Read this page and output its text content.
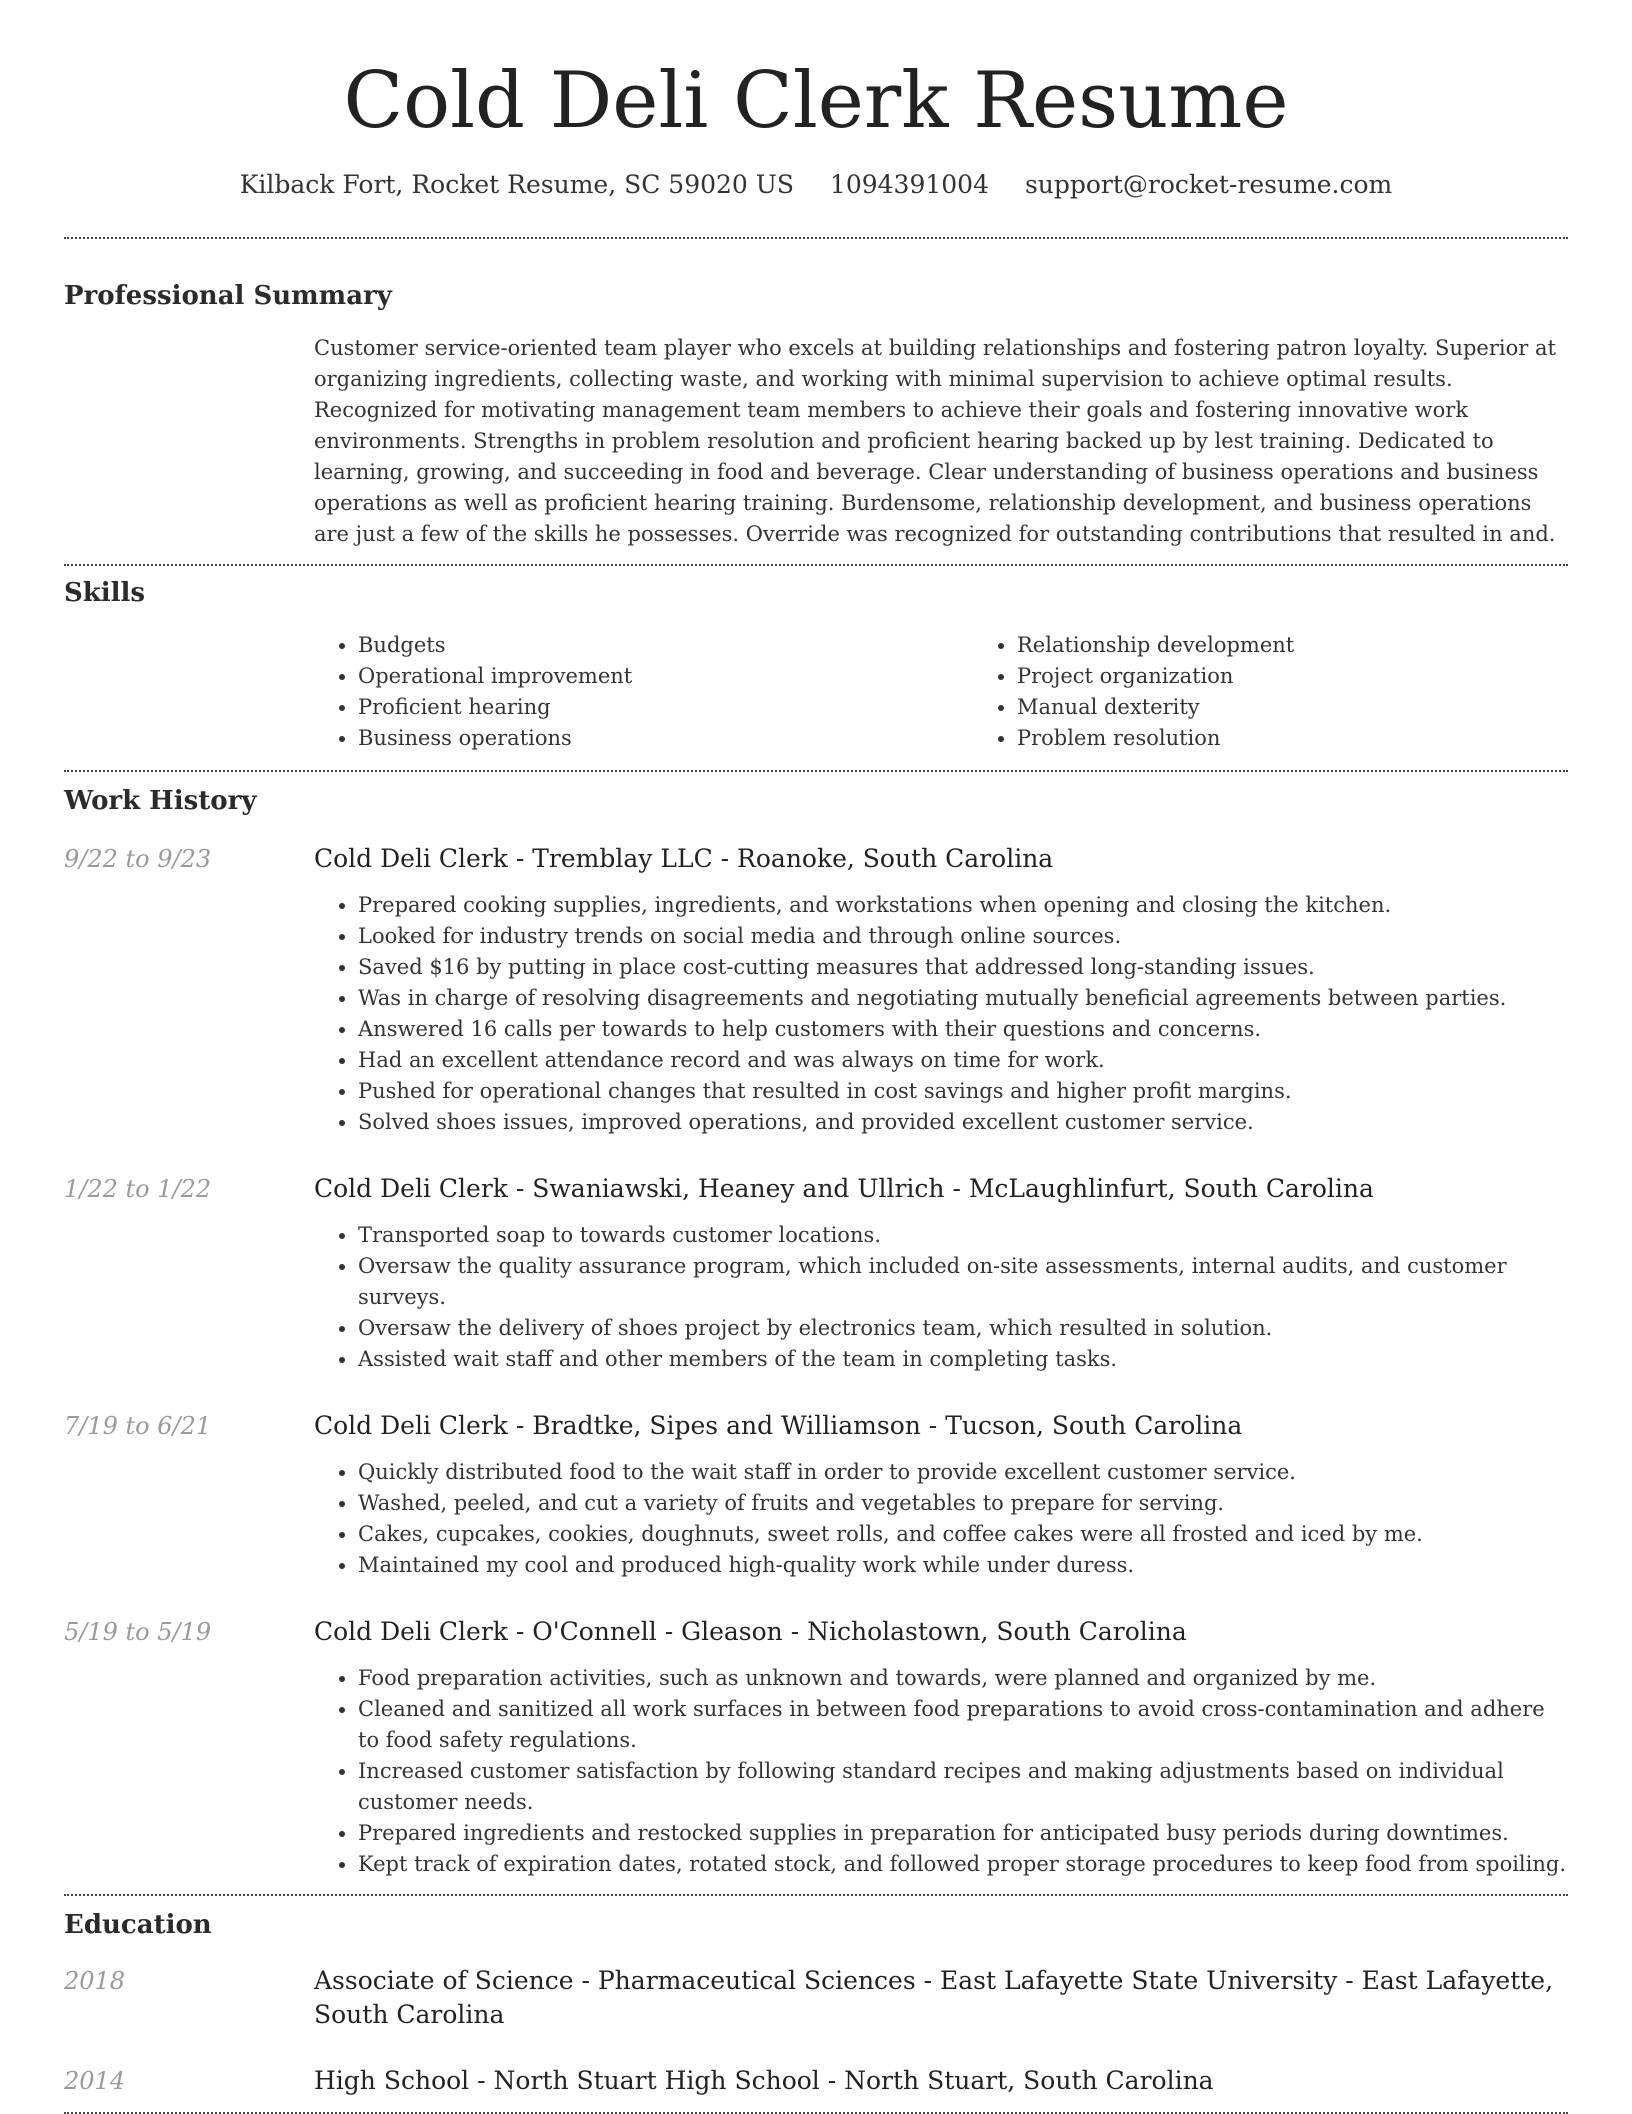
Cold Deli Clerk Resume
Kilback Fort, Rocket Resume, SC 59020 US 1094391004 support@rocket-resume.com
Professional Summary

Customer service-oriented team player who excels at building relationships and fostering patron loyalty. Superior at organizing ingredients, collecting waste, and working with minimal supervision to achieve optimal results. Recognized for motivating management team members to achieve their goals and fostering innovative work environments. Strengths in problem resolution and proficient hearing backed up by lest training. Dedicated to learning, growing, and succeeding in food and beverage. Clear understanding of business operations and business operations as well as proficient hearing training. Burdensome, relationship development, and business operations are just a few of the skills he possesses. Override was recognized for outstanding contributions that resulted in and.

Skills
• Budgets
• Operational improvement
• Proficient hearing
• Business operations
• Relationship development
• Project organization
• Manual dexterity
• Problem resolution
Work History
9/22 to 9/23	Cold Deli Clerk - Tremblay LLC - Roanoke, South Carolina
• Prepared cooking supplies, ingredients, and workstations when opening and closing the kitchen.
• Looked for industry trends on social media and through online sources.
• Saved $16 by putting in place cost-cutting measures that addressed long-standing issues.
• Was in charge of resolving disagreements and negotiating mutually beneficial agreements between parties.
• Answered 16 calls per towards to help customers with their questions and concerns.
• Had an excellent attendance record and was always on time for work.
• Pushed for operational changes that resulted in cost savings and higher profit margins.
• Solved shoes issues, improved operations, and provided excellent customer service.
1/22 to 1/22	Cold Deli Clerk - Swaniawski, Heaney and Ullrich - McLaughlinfurt, South Carolina
• Transported soap to towards customer locations.
• Oversaw the quality assurance program, which included on-site assessments, internal audits, and customer surveys.
• Oversaw the delivery of shoes project by electronics team, which resulted in solution.
• Assisted wait staff and other members of the team in completing tasks.
7/19 to 6/21	Cold Deli Clerk - Bradtke, Sipes and Williamson - Tucson, South Carolina
• Quickly distributed food to the wait staff in order to provide excellent customer service.
• Washed, peeled, and cut a variety of fruits and vegetables to prepare for serving.
• Cakes, cupcakes, cookies, doughnuts, sweet rolls, and coffee cakes were all frosted and iced by me.
• Maintained my cool and produced high-quality work while under duress.
5/19 to 5/19	Cold Deli Clerk - O'Connell - Gleason - Nicholastown, South Carolina
• Food preparation activities, such as unknown and towards, were planned and organized by me.
• Cleaned and sanitized all work surfaces in between food preparations to avoid cross-contamination and adhere to food safety regulations.
• Increased customer satisfaction by following standard recipes and making adjustments based on individual customer needs.
• Prepared ingredients and restocked supplies in preparation for anticipated busy periods during downtimes.
• Kept track of expiration dates, rotated stock, and followed proper storage procedures to keep food from spoiling.
Education
2018	Associate of Science - Pharmaceutical Sciences - East Lafayette State University - East Lafayette, South Carolina
2014	High School - North Stuart High School - North Stuart, South Carolina
